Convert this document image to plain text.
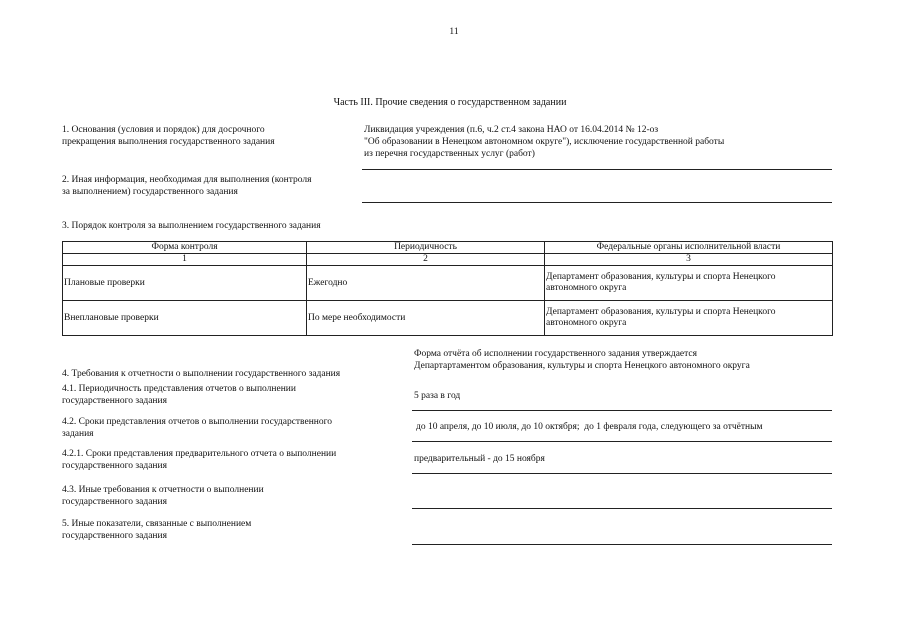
11
Часть III. Прочие сведения о государственном задании
1. Основания (условия и порядок) для досрочного
прекращения выполнения государственного задания
Ликвидация учреждения (п.6, ч.2 ст.4 закона НАО от 16.04.2014 № 12-оз
"Об образовании в Ненецком автономном округе"), исключение государственной работы
из перечня государственных услуг (работ)
2. Иная информация, необходимая для выполнения (контроля
за выполнением) государственного задания
3. Порядок контроля за выполнением государственного задания
Форма контроля	Периодичность	Федеральные органы исполнительной власти
1	2	3
Плановые проверки	Ежегодно	Департамент образования, культуры и спорта Ненецкого
автономного округа

Внеплановые проверки	По мере необходимости	Департамент образования, культуры и спорта Ненецкого
автономного округа
Форма отчёта об исполнении государственного задания утверждается
Департартаментом образования, культуры и спорта Ненецкого автономного округа
4. Требования к отчетности о выполнении государственного задания
4.1. Периодичность представления отчетов о выполнении
государственного задания	5 раза в год
4.2. Сроки представления отчетов о выполнении государственного
задания
до 10 апреля, до 10 июля, до 10 октября;  до 1 февраля года, следующего за отчётным
4.2.1. Сроки представления предварительного отчета о выполнении
государственного задания
предварительный - до 15 ноября
4.3. Иные требования к отчетности о выполнении
государственного задания
5. Иные показатели, связанные с выполнением
государственного задания
